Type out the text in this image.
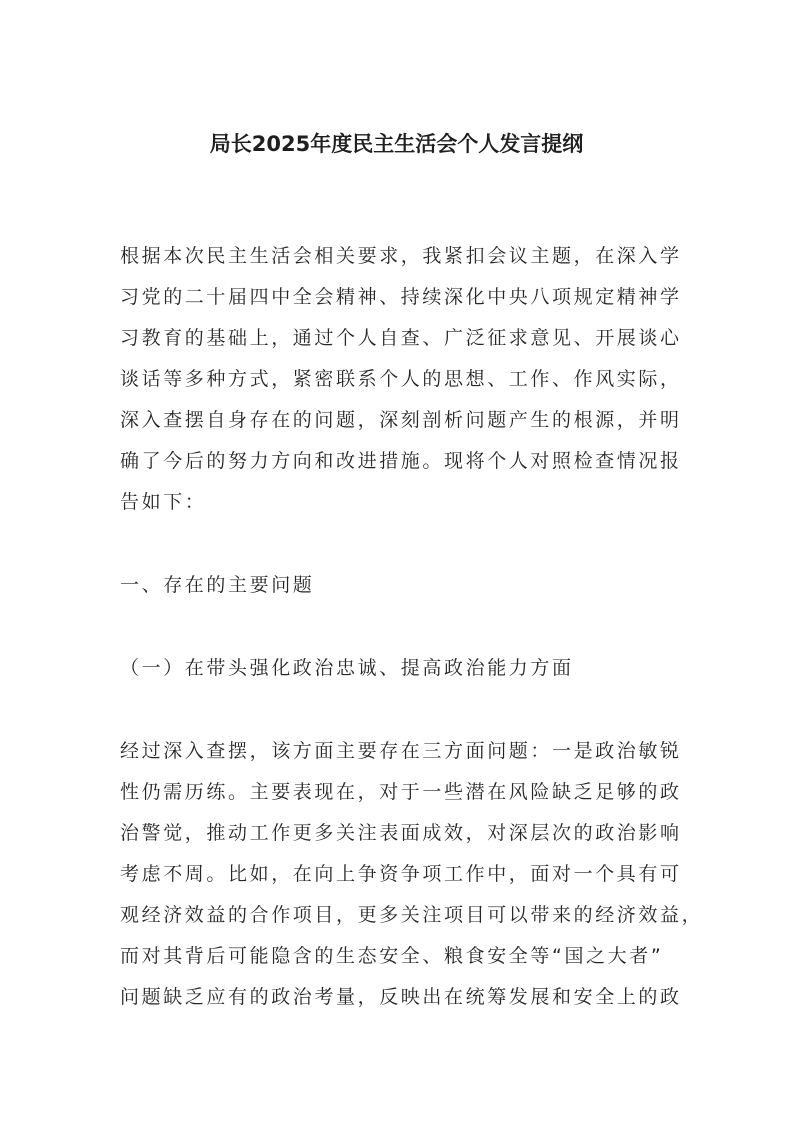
局长2025年度民主生活会个人发言提纲
根据本次民主生活会相关要求，我紧扣会议主题，在深入学
习党的二十届四中全会精神、持续深化中央八项规定精神学
习教育的基础上，通过个人自查、广泛征求意见、开展谈心
谈话等多种方式，紧密联系个人的思想、工作、作风实际，
深入查摆自身存在的问题，深刻剖析问题产生的根源，并明
确了今后的努力方向和改进措施。现将个人对照检查情况报
告如下：
一、存在的主要问题
（一）在带头强化政治忠诚、提高政治能力方面
经过深入查摆，该方面主要存在三方面问题：一是政治敏锐
性仍需历练。主要表现在，对于一些潜在风险缺乏足够的政
治警觉，推动工作更多关注表面成效，对深层次的政治影响
考虑不周。比如，在向上争资争项工作中，面对一个具有可
观经济效益的合作项目，更多关注项目可以带来的经济效益，
而对其背后可能隐含的生态安全、粮食安全等“国之大者”
问题缺乏应有的政治考量，反映出在统筹发展和安全上的政
